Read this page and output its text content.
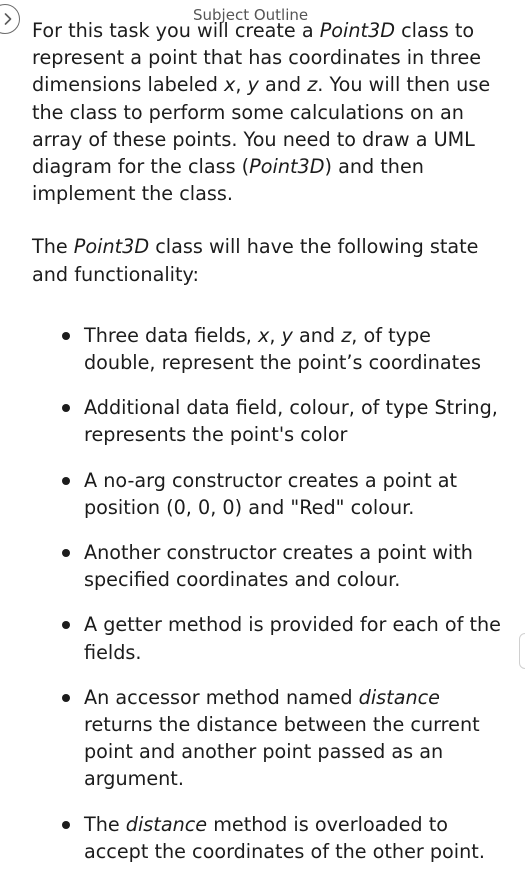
Subject Outline

For this task you will create a Point3D class to represent a point that has coordinates in three dimensions labeled x, y and z. You will then use the class to perform some calculations on an array of these points. You need to draw a UML diagram for the class (Point3D) and then implement the class.

The Point3D class will have the following state and functionality:

Three data fields, x, y and z, of type double, represent the point’s coordinates
Additional data field, colour, of type String, represents the point's color
A no-arg constructor creates a point at position (0, 0, 0) and "Red" colour.
Another constructor creates a point with specified coordinates and colour.
A getter method is provided for each of the fields.
An accessor method named distance returns the distance between the current point and another point passed as an argument.
The distance method is overloaded to accept the coordinates of the other point.
